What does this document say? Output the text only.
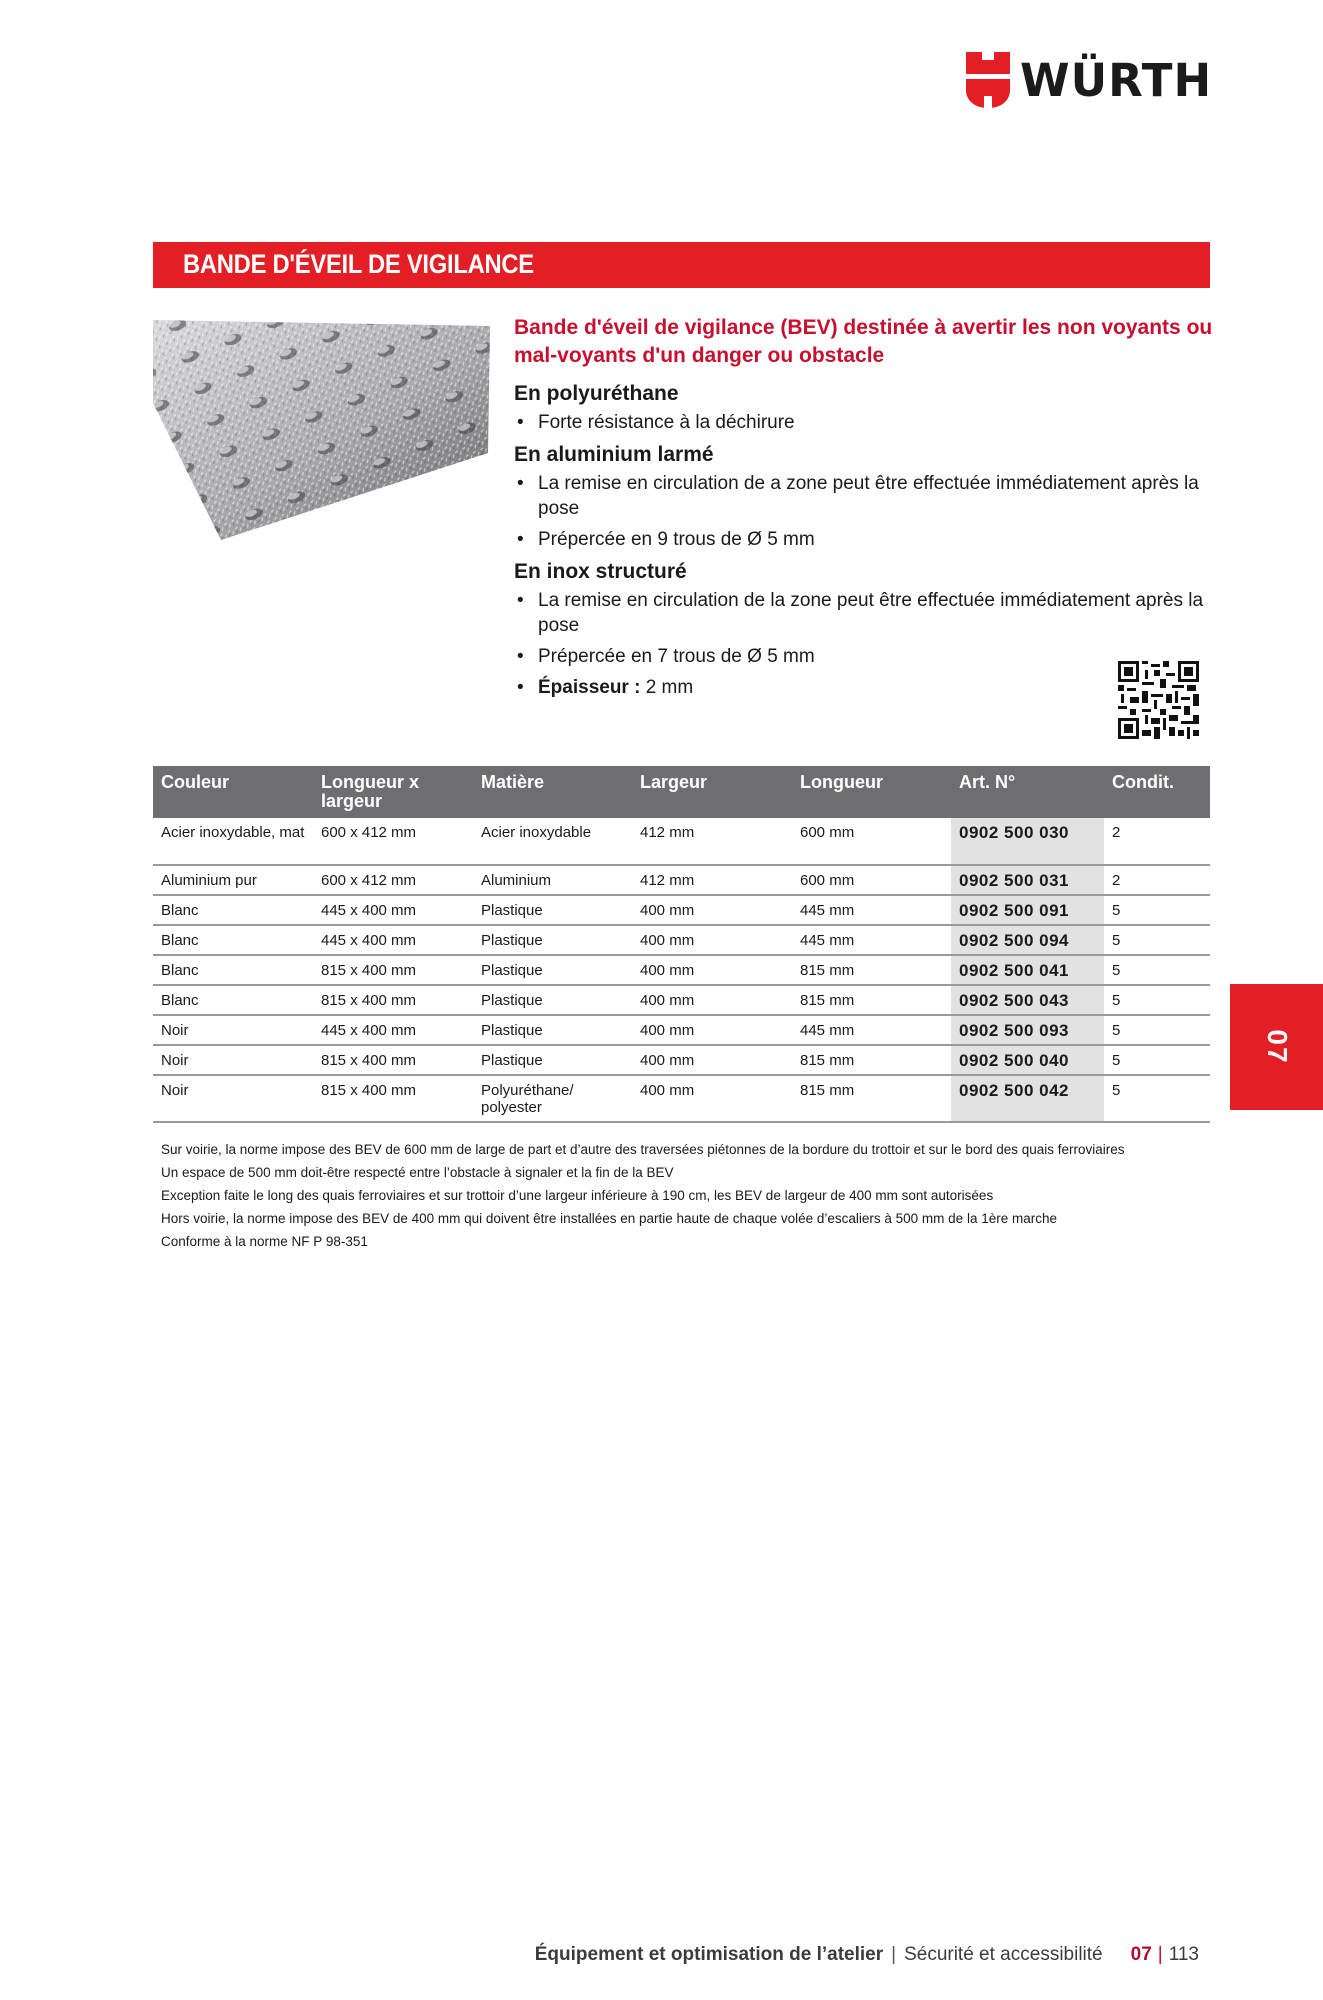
WÜRTH
BANDE D'ÉVEIL DE VIGILANCE

Bande d'éveil de vigilance (BEV) destinée à avertir les non voyants ou mal-voyants d'un danger ou obstacle

En polyuréthane

• Forte résistance à la déchirure

En aluminium larmé

• La remise en circulation de a zone peut être effectuée immédiatement après la pose
• Prépercée en 9 trous de Ø 5 mm

En inox structuré

• La remise en circulation de la zone peut être effectuée immédiatement après la pose
• Prépercée en 7 trous de Ø 5 mm
• Épaisseur : 2 mm
Couleur	Longueur x largeur	Matière	Largeur	Longueur	Art. N°	Condit.
Acier inoxydable, mat	600 x 412 mm	Acier inoxydable	412 mm	600 mm	0902 500 030	2
Aluminium pur	600 x 412 mm	Aluminium	412 mm	600 mm	0902 500 031	2
Blanc	445 x 400 mm	Plastique	400 mm	445 mm	0902 500 091	5
Blanc	445 x 400 mm	Plastique	400 mm	445 mm	0902 500 094	5
Blanc	815 x 400 mm	Plastique	400 mm	815 mm	0902 500 041	5
Blanc	815 x 400 mm	Plastique	400 mm	815 mm	0902 500 043	5
Noir	445 x 400 mm	Plastique	400 mm	445 mm	0902 500 093	5
Noir	815 x 400 mm	Plastique	400 mm	815 mm	0902 500 040	5
Noir	815 x 400 mm	Polyuréthane/ polyester	400 mm	815 mm	0902 500 042	5

Sur voirie, la norme impose des BEV de 600 mm de large de part et d’autre des traversées piétonnes de la bordure du trottoir et sur le bord des quais ferroviaires

Un espace de 500 mm doit-être respecté entre l’obstacle à signaler et la fin de la BEV

Exception faite le long des quais ferroviaires et sur trottoir d’une largeur inférieure à 190 cm, les BEV de largeur de 400 mm sont autorisées

Hors voirie, la norme impose des BEV de 400 mm qui doivent être installées en partie haute de chaque volée d’escaliers à 500 mm de la 1ère marche

Conforme à la norme NF P 98-351

07
Équipement et optimisation de l’atelier | Sécurité et accessibilité 07 | 113
